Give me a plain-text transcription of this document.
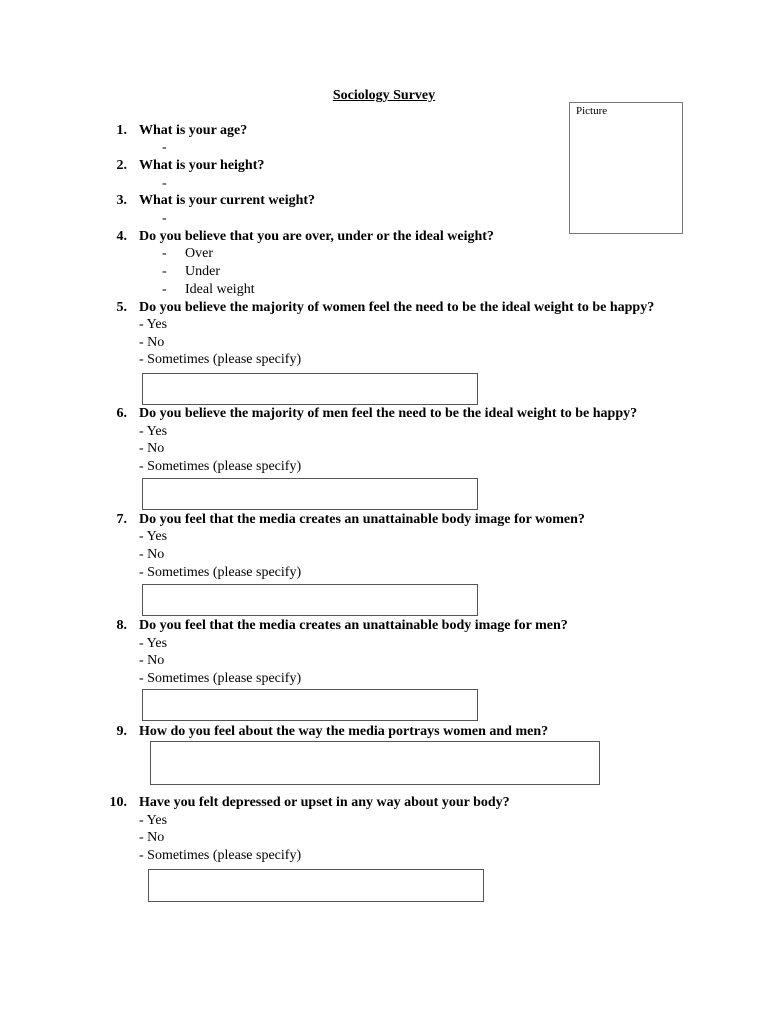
Sociology Survey
Picture
1. What is your age?
-
2. What is your height?
-
3. What is your current weight?
-
4. Do you believe that you are over, under or the ideal weight?
- Over
- Under
- Ideal weight
5. Do you believe the majority of women feel the need to be the ideal weight to be happy?
- Yes
- No
- Sometimes (please specify)
6. Do you believe the majority of men feel the need to be the ideal weight to be happy?
- Yes
- No
- Sometimes (please specify)
7. Do you feel that the media creates an unattainable body image for women?
- Yes
- No
- Sometimes (please specify)
8. Do you feel that the media creates an unattainable body image for men?
- Yes
- No
- Sometimes (please specify)
9. How do you feel about the way the media portrays women and men?
10. Have you felt depressed or upset in any way about your body?
- Yes
- No
- Sometimes (please specify)
